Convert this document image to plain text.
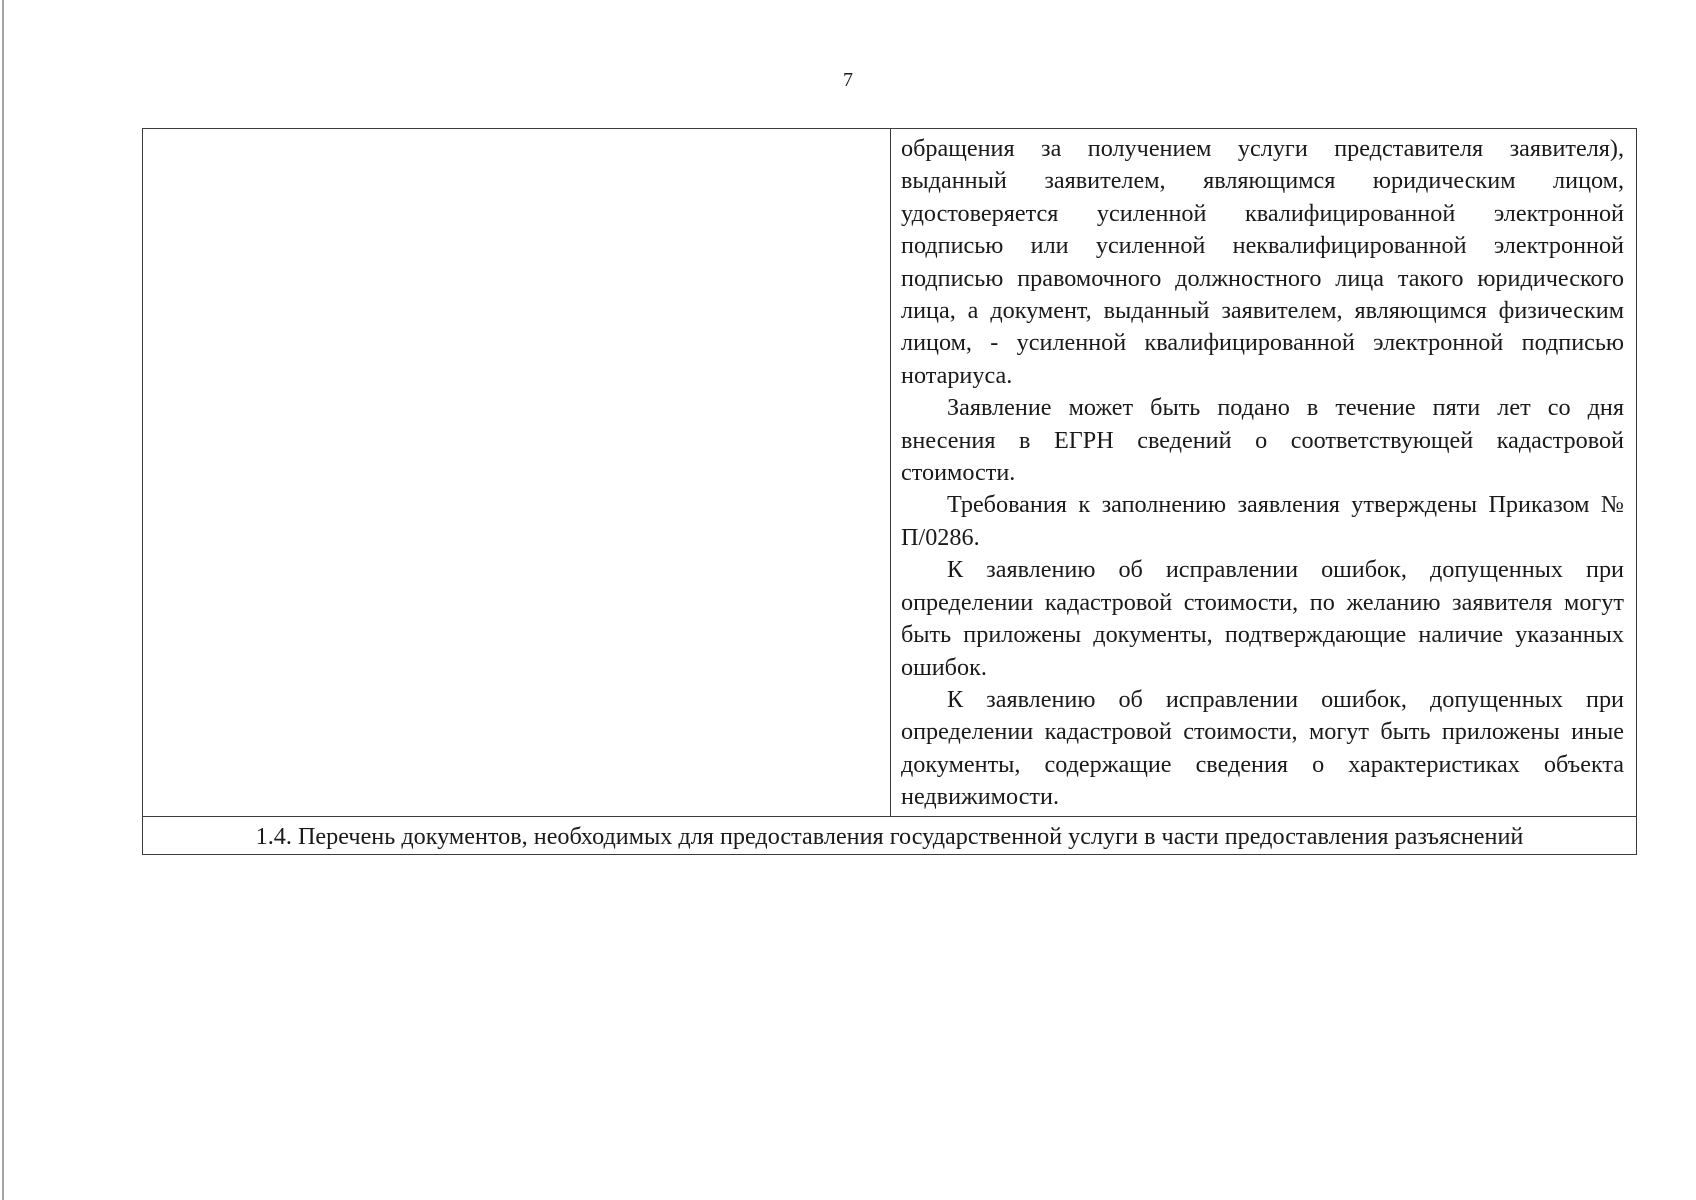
7

обращения за получением услуги представителя заявителя), выданный заявителем, являющимся юридическим лицом, удостоверяется усиленной квалифицированной электронной подписью или усиленной неквалифицированной электронной подписью правомочного должностного лица такого юридического лица, а документ, выданный заявителем, являющимся физическим лицом, - усиленной квалифицированной электронной подписью нотариуса.

Заявление может быть подано в течение пяти лет со дня внесения в ЕГРН сведений о соответствующей кадастровой стоимости.

Требования к заполнению заявления утверждены Приказом № П/0286.

К заявлению об исправлении ошибок, допущенных при определении кадастровой стоимости, по желанию заявителя могут быть приложены документы, подтверждающие наличие указанных ошибок.

К заявлению об исправлении ошибок, допущенных при определении кадастровой стоимости, могут быть приложены иные документы, содержащие сведения о характеристиках объекта недвижимости.

1.4. Перечень документов, необходимых для предоставления государственной услуги в части предоставления разъяснений
